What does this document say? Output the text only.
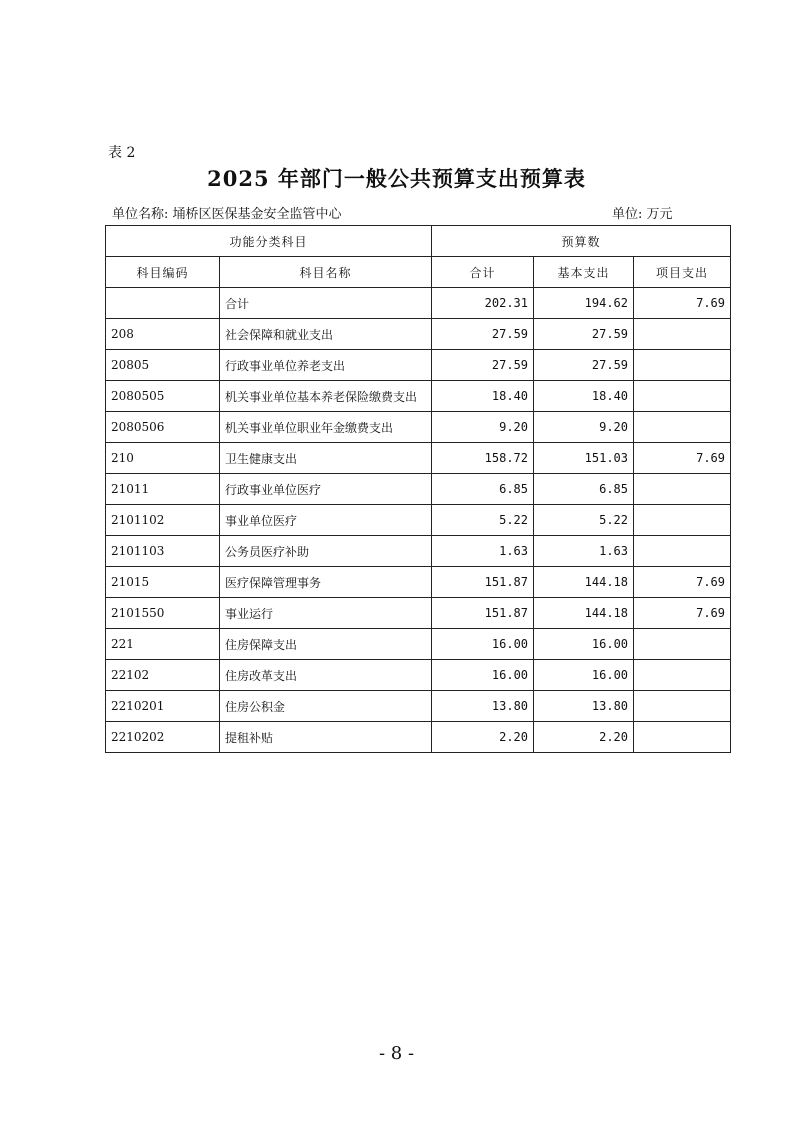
表 2
2025 年部门一般公共预算支出预算表
单位名称: 埇桥区医保基金安全监管中心	单位: 万元
功能分类科目		预算数		
科目编码	科目名称	合计	基本支出	项目支出
	合计	202.31	194.62	7.69
208	社会保障和就业支出	27.59	27.59	
20805	行政事业单位养老支出	27.59	27.59	
2080505	机关事业单位基本养老保险缴费支出	18.40	18.40	
2080506	机关事业单位职业年金缴费支出	9.20	9.20	
210	卫生健康支出	158.72	151.03	7.69
21011	行政事业单位医疗	6.85	6.85	
2101102	事业单位医疗	5.22	5.22	
2101103	公务员医疗补助	1.63	1.63	
21015	医疗保障管理事务	151.87	144.18	7.69
2101550	事业运行	151.87	144.18	7.69
221	住房保障支出	16.00	16.00	
22102	住房改革支出	16.00	16.00	
2210201	住房公积金	13.80	13.80	
2210202	提租补贴	2.20	2.20	
- 8 -
